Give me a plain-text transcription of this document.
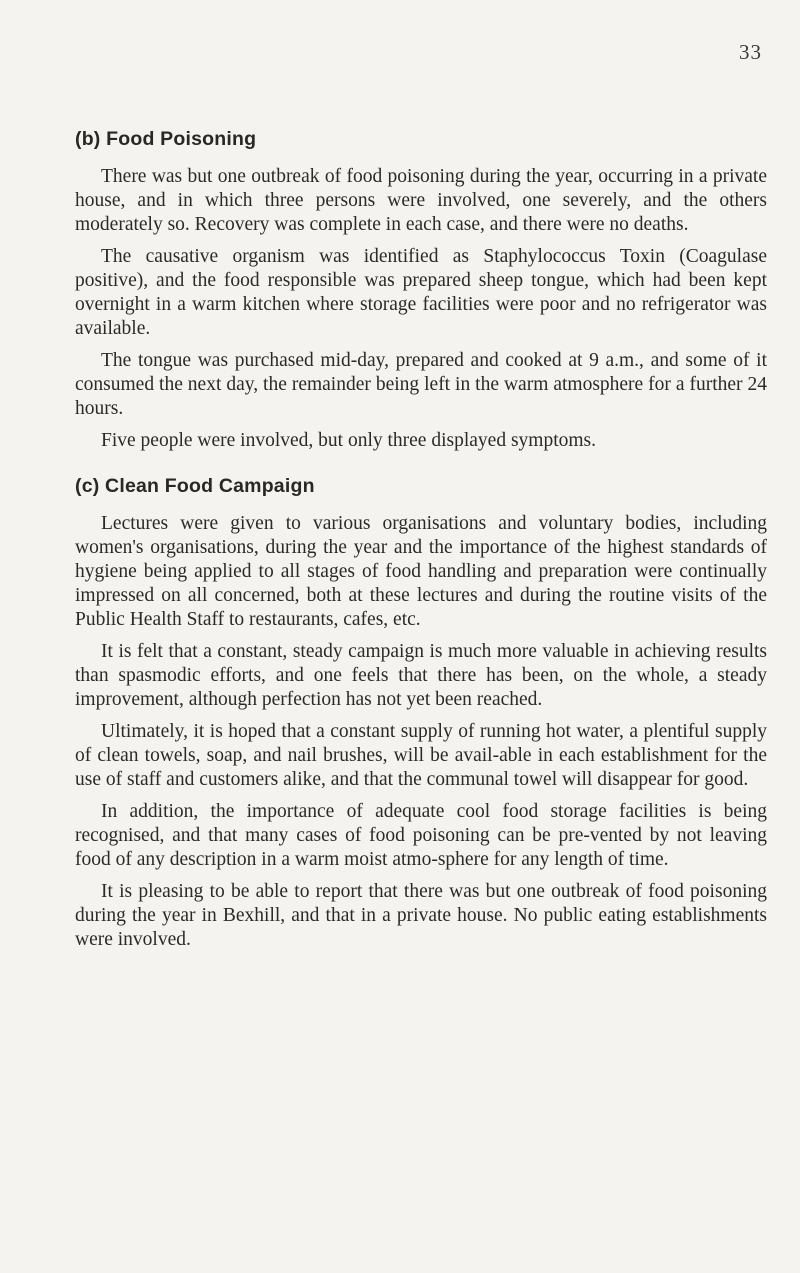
33
(b) Food Poisoning

There was but one outbreak of food poisoning during the year, occurring in a private house, and in which three persons were involved, one severely, and the others moderately so. Recovery was complete in each case, and there were no deaths.

The causative organism was identified as Staphylococcus Toxin (Coagulase positive), and the food responsible was prepared sheep tongue, which had been kept overnight in a warm kitchen where storage facilities were poor and no refrigerator was available.

The tongue was purchased mid-day, prepared and cooked at 9 a.m., and some of it consumed the next day, the remainder being left in the warm atmosphere for a further 24 hours.

Five people were involved, but only three displayed symptoms.

(c) Clean Food Campaign

Lectures were given to various organisations and voluntary bodies, including women's organisations, during the year and the importance of the highest standards of hygiene being applied to all stages of food handling and preparation were continually impressed on all concerned, both at these lectures and during the routine visits of the Public Health Staff to restaurants, cafes, etc.

It is felt that a constant, steady campaign is much more valuable in achieving results than spasmodic efforts, and one feels that there has been, on the whole, a steady improvement, although perfection has not yet been reached.

Ultimately, it is hoped that a constant supply of running hot water, a plentiful supply of clean towels, soap, and nail brushes, will be avail-able in each establishment for the use of staff and customers alike, and that the communal towel will disappear for good.

In addition, the importance of adequate cool food storage facilities is being recognised, and that many cases of food poisoning can be pre-vented by not leaving food of any description in a warm moist atmo-sphere for any length of time.

It is pleasing to be able to report that there was but one outbreak of food poisoning during the year in Bexhill, and that in a private house. No public eating establishments were involved.
